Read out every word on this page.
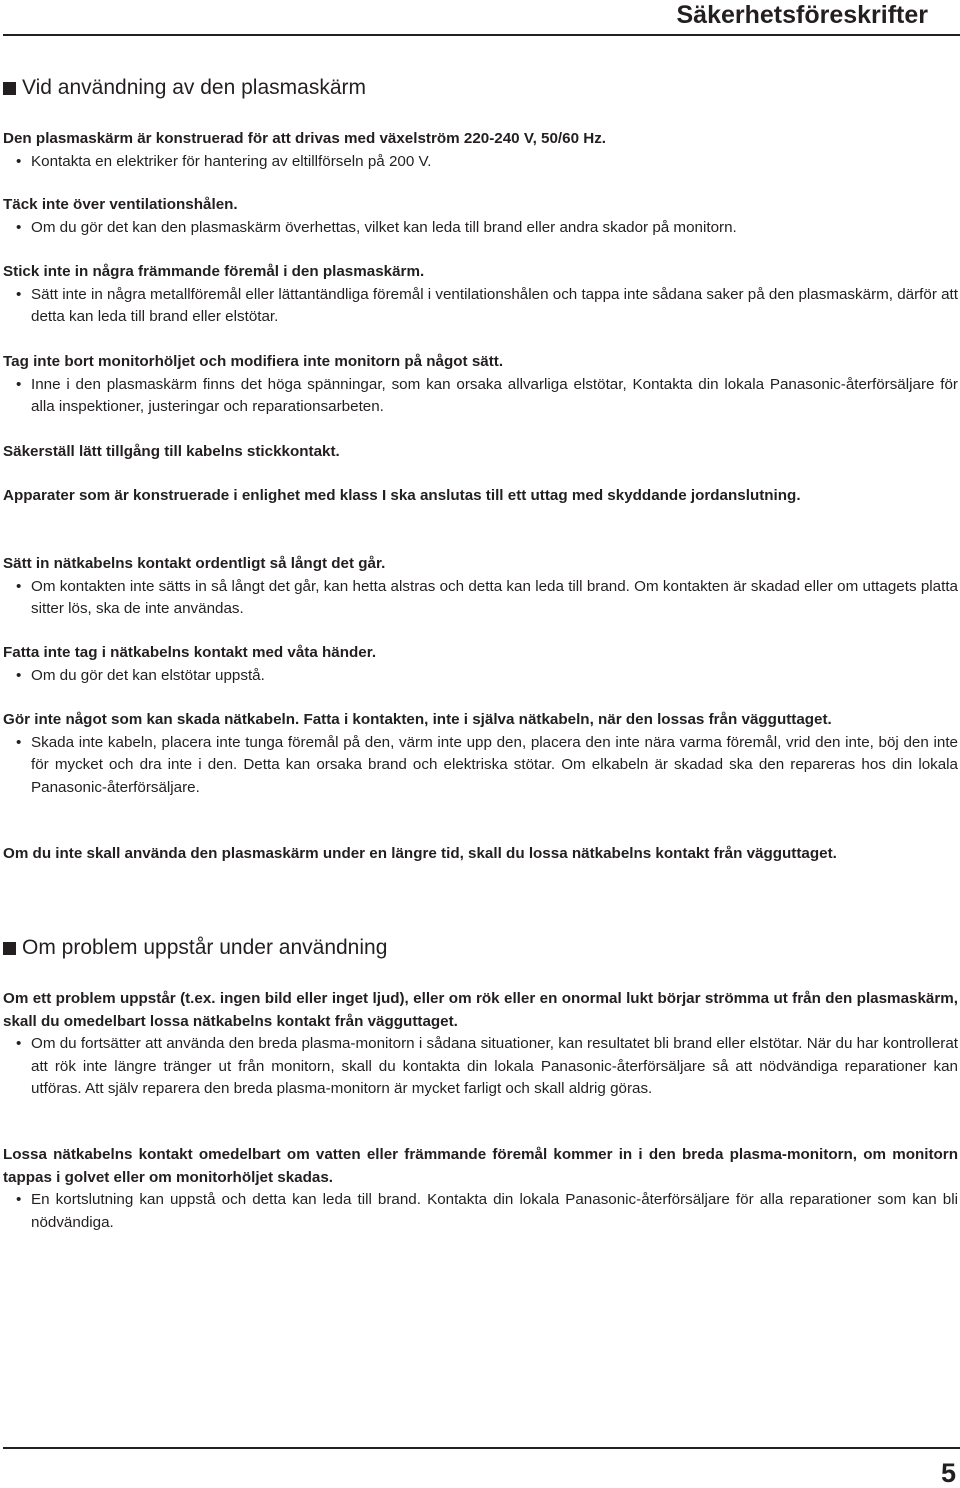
Säkerhetsföreskrifter
Vid användning av den plasmaskärm

Den plasmaskärm är konstruerad för att drivas med växelström 220-240 V, 50/60 Hz.

• Kontakta en elektriker för hantering av eltillförseln på 200 V.

Täck inte över ventilationshålen.

• Om du gör det kan den plasmaskärm överhettas, vilket kan leda till brand eller andra skador på monitorn.

Stick inte in några främmande föremål i den plasmaskärm.

• Sätt inte in några metallföremål eller lättantändliga föremål i ventilationshålen och tappa inte sådana saker på den plasmaskärm, därför att detta kan leda till brand eller elstötar.

Tag inte bort monitorhöljet och modifiera inte monitorn på något sätt.

• Inne i den plasmaskärm finns det höga spänningar, som kan orsaka allvarliga elstötar, Kontakta din lokala Panasonic-återförsäljare för alla inspektioner, justeringar och reparationsarbeten.

Säkerställ lätt tillgång till kabelns stickkontakt.

Apparater som är konstruerade i enlighet med klass I ska anslutas till ett uttag med skyddande jordanslutning.

Sätt in nätkabelns kontakt ordentligt så långt det går.

• Om kontakten inte sätts in så långt det går, kan hetta alstras och detta kan leda till brand. Om kontakten är skadad eller om uttagets platta sitter lös, ska de inte användas.

Fatta inte tag i nätkabelns kontakt med våta händer.

• Om du gör det kan elstötar uppstå.

Gör inte något som kan skada nätkabeln. Fatta i kontakten, inte i själva nätkabeln, när den lossas från vägguttaget.

• Skada inte kabeln, placera inte tunga föremål på den, värm inte upp den, placera den inte nära varma föremål, vrid den inte, böj den inte för mycket och dra inte i den. Detta kan orsaka brand och elektriska stötar. Om elkabeln är skadad ska den repareras hos din lokala Panasonic-återförsäljare.

Om du inte skall använda den plasmaskärm under en längre tid, skall du lossa nätkabelns kontakt från vägguttaget.

Om problem uppstår under användning

Om ett problem uppstår (t.ex. ingen bild eller inget ljud), eller om rök eller en onormal lukt börjar strömma ut från den plasmaskärm, skall du omedelbart lossa nätkabelns kontakt från vägguttaget.

• Om du fortsätter att använda den breda plasma-monitorn i sådana situationer, kan resultatet bli brand eller elstötar. När du har kontrollerat att rök inte längre tränger ut från monitorn, skall du kontakta din lokala Panasonic-återförsäljare så att nödvändiga reparationer kan utföras. Att själv reparera den breda plasma-monitorn är mycket farligt och skall aldrig göras.

Lossa nätkabelns kontakt omedelbart om vatten eller främmande föremål kommer in i den breda plasma-monitorn, om monitorn tappas i golvet eller om monitorhöljet skadas.

• En kortslutning kan uppstå och detta kan leda till brand. Kontakta din lokala Panasonic-återförsäljare för alla reparationer som kan bli nödvändiga.

5
